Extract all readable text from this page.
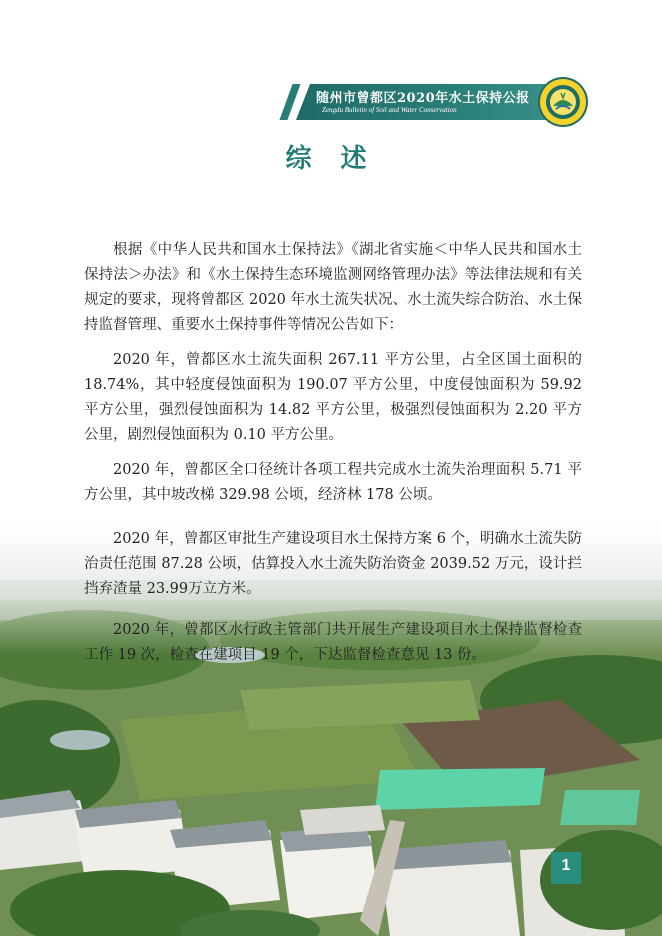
随州市曾都区2020年水土保持公报
Zengdu Bulletin of Soil and Water Conservation
综 述

根据《中华人民共和国水土保持法》《湖北省实施＜中华人民共和国水土保持法＞办法》和《水土保持生态环境监测网络管理办法》等法律法规和有关规定的要求，现将曾都区 2020 年水土流失状况、水土流失综合防治、水土保持监督管理、重要水土保持事件等情况公告如下：

2020 年，曾都区水土流失面积 267.11 平方公里，占全区国土面积的 18.74%，其中轻度侵蚀面积为 190.07 平方公里，中度侵蚀面积为 59.92 平方公里，强烈侵蚀面积为 14.82 平方公里，极强烈侵蚀面积为 2.20 平方公里，剧烈侵蚀面积为 0.10 平方公里。

2020 年，曾都区全口径统计各项工程共完成水土流失治理面积 5.71 平方公里，其中坡改梯 329.98 公顷，经济林 178 公顷。

2020 年，曾都区审批生产建设项目水土保持方案 6 个，明确水土流失防治责任范围 87.28 公顷，估算投入水土流失防治资金 2039.52 万元，设计拦挡弃渣量 23.99万立方米。

2020 年，曾都区水行政主管部门共开展生产建设项目水土保持监督检查工作 19 次，检查在建项目 19 个，下达监督检查意见 13 份。

1
